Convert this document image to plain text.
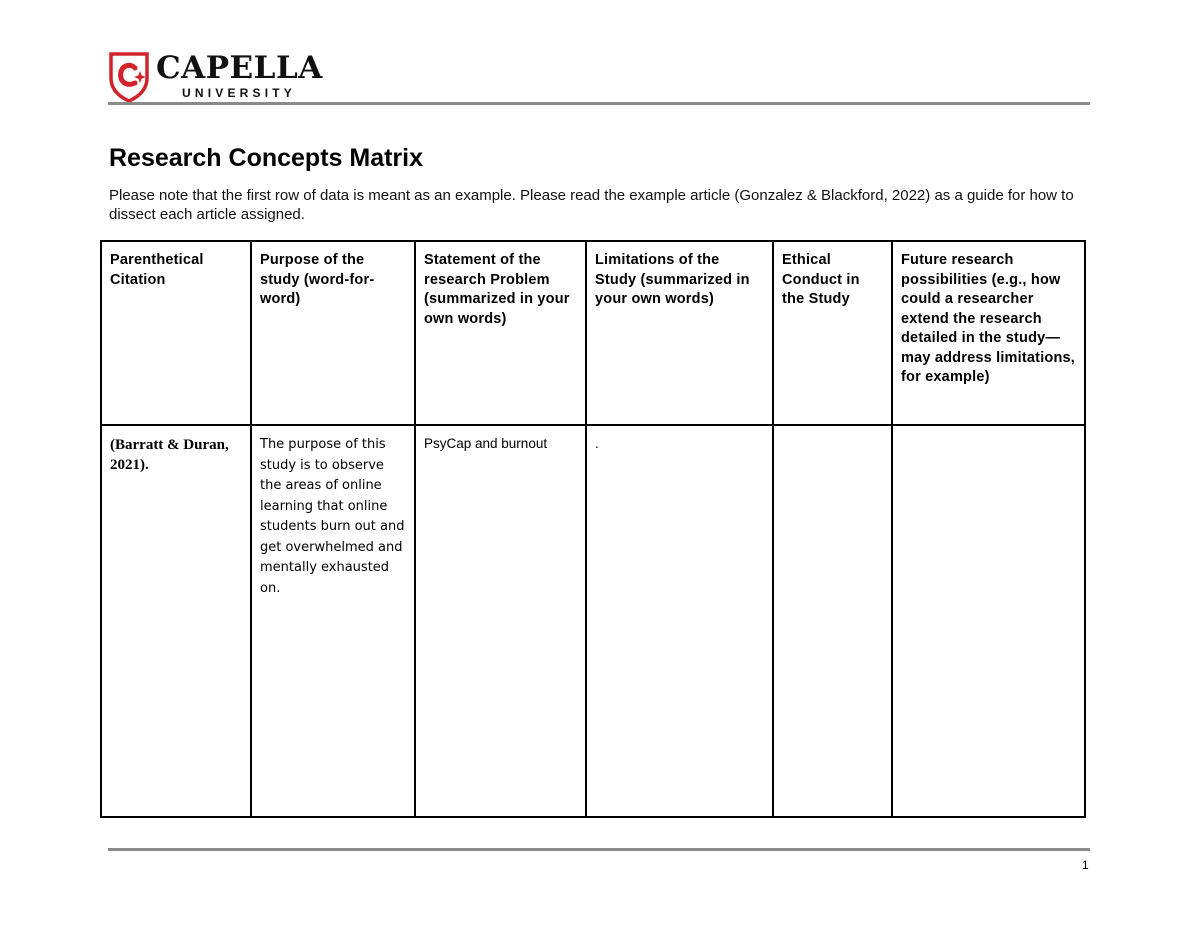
CAPELLA
UNIVERSITY
Research Concepts Matrix
Please note that the first row of data is meant as an example. Please read the example article (Gonzalez & Blackford, 2022) as a guide for how to dissect each article assigned.
Parenthetical Citation	Purpose of the study (word-for-word)	Statement of the research Problem (summarized in your own words)	Limitations of the Study (summarized in your own words)	Ethical Conduct in the Study	Future research possibilities (e.g., how could a researcher extend the research detailed in the study—may address limitations, for example)
(Barratt & Duran, 2021).	The purpose of this study is to observe the areas of online learning that online students burn out and get overwhelmed and mentally exhausted on.	PsyCap and burnout	.		
1
